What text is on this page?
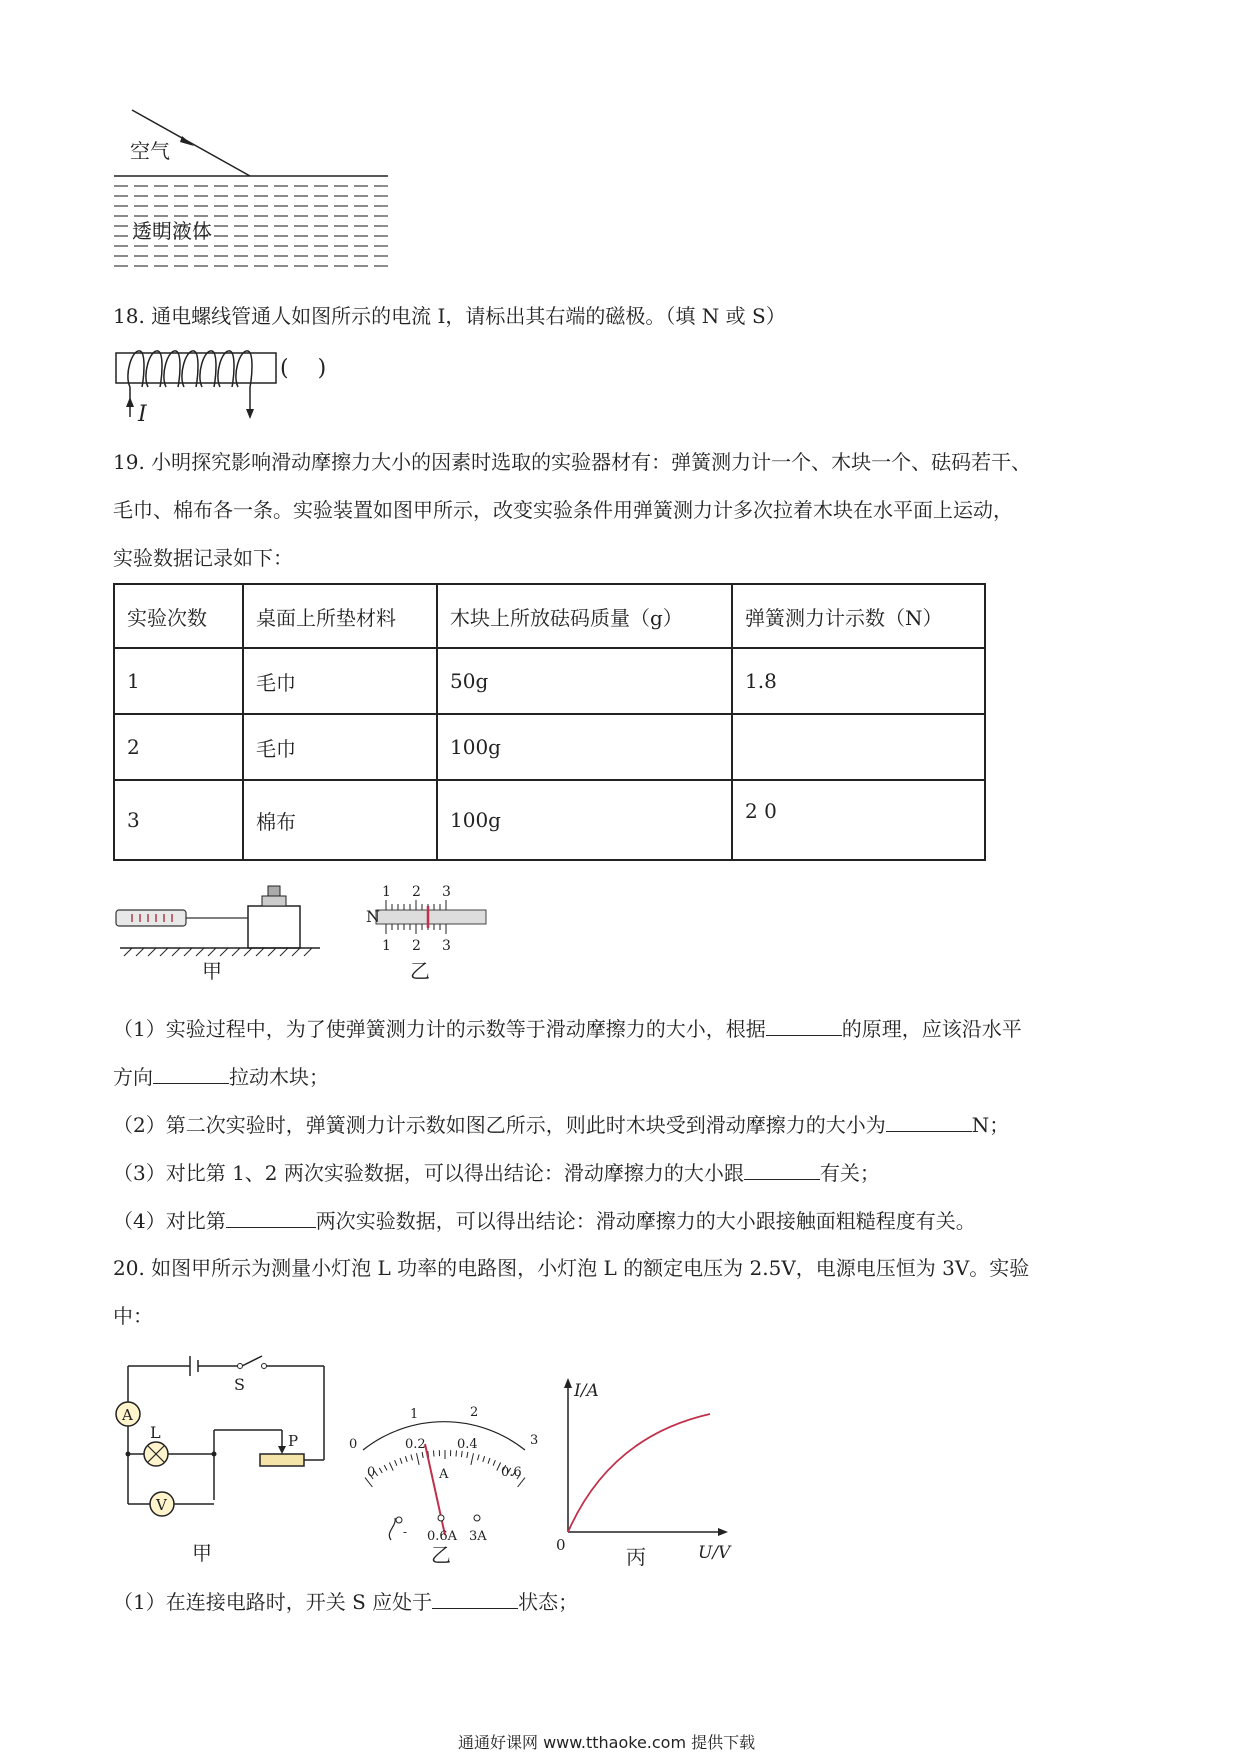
空气
透明液体
18. 通电螺线管通人如图所示的电流 I，请标出其右端的磁极。（填 N 或 S）
I
(　 )
19. 小明探究影响滑动摩擦力大小的因素时选取的实验器材有：弹簧测力计一个、木块一个、砝码若干、
毛巾、棉布各一条。实验装置如图甲所示，改变实验条件用弹簧测力计多次拉着木块在水平面上运动，
实验数据记录如下：
实验次数	桌面上所垫材料	木块上所放砝码质量（g）	弹簧测力计示数（N）
1	毛巾	50g	1.8
2	毛巾	100g	
3	棉布	100g	2 0
甲
N
1 2 3
1 2 3
乙
（1）实验过程中，为了使弹簧测力计的示数等于滑动摩擦力的大小，根据	的原理，应该沿水平
方向	拉动木块；
（2）第二次实验时，弹簧测力计示数如图乙所示，则此时木块受到滑动摩擦力的大小为	N；
（3）对比第 1、2 两次实验数据，可以得出结论：滑动摩擦力的大小跟	有关；
（4）对比第	两次实验数据，可以得出结论：滑动摩擦力的大小跟接触面粗糙程度有关。
20. 如图甲所示为测量小灯泡 L 功率的电路图，小灯泡 L 的额定电压为 2.5V，电源电压恒为 3V。实验
中：
S
A
L	P
V
甲
0
1	2
3
0
0.2 0.4
0.6
A
- 0.6A 3A
乙
I/A
U/V
0	丙
（1）在连接电路时，开关 S 应处于	状态；
通通好课网 www.tthaoke.com 提供下载
